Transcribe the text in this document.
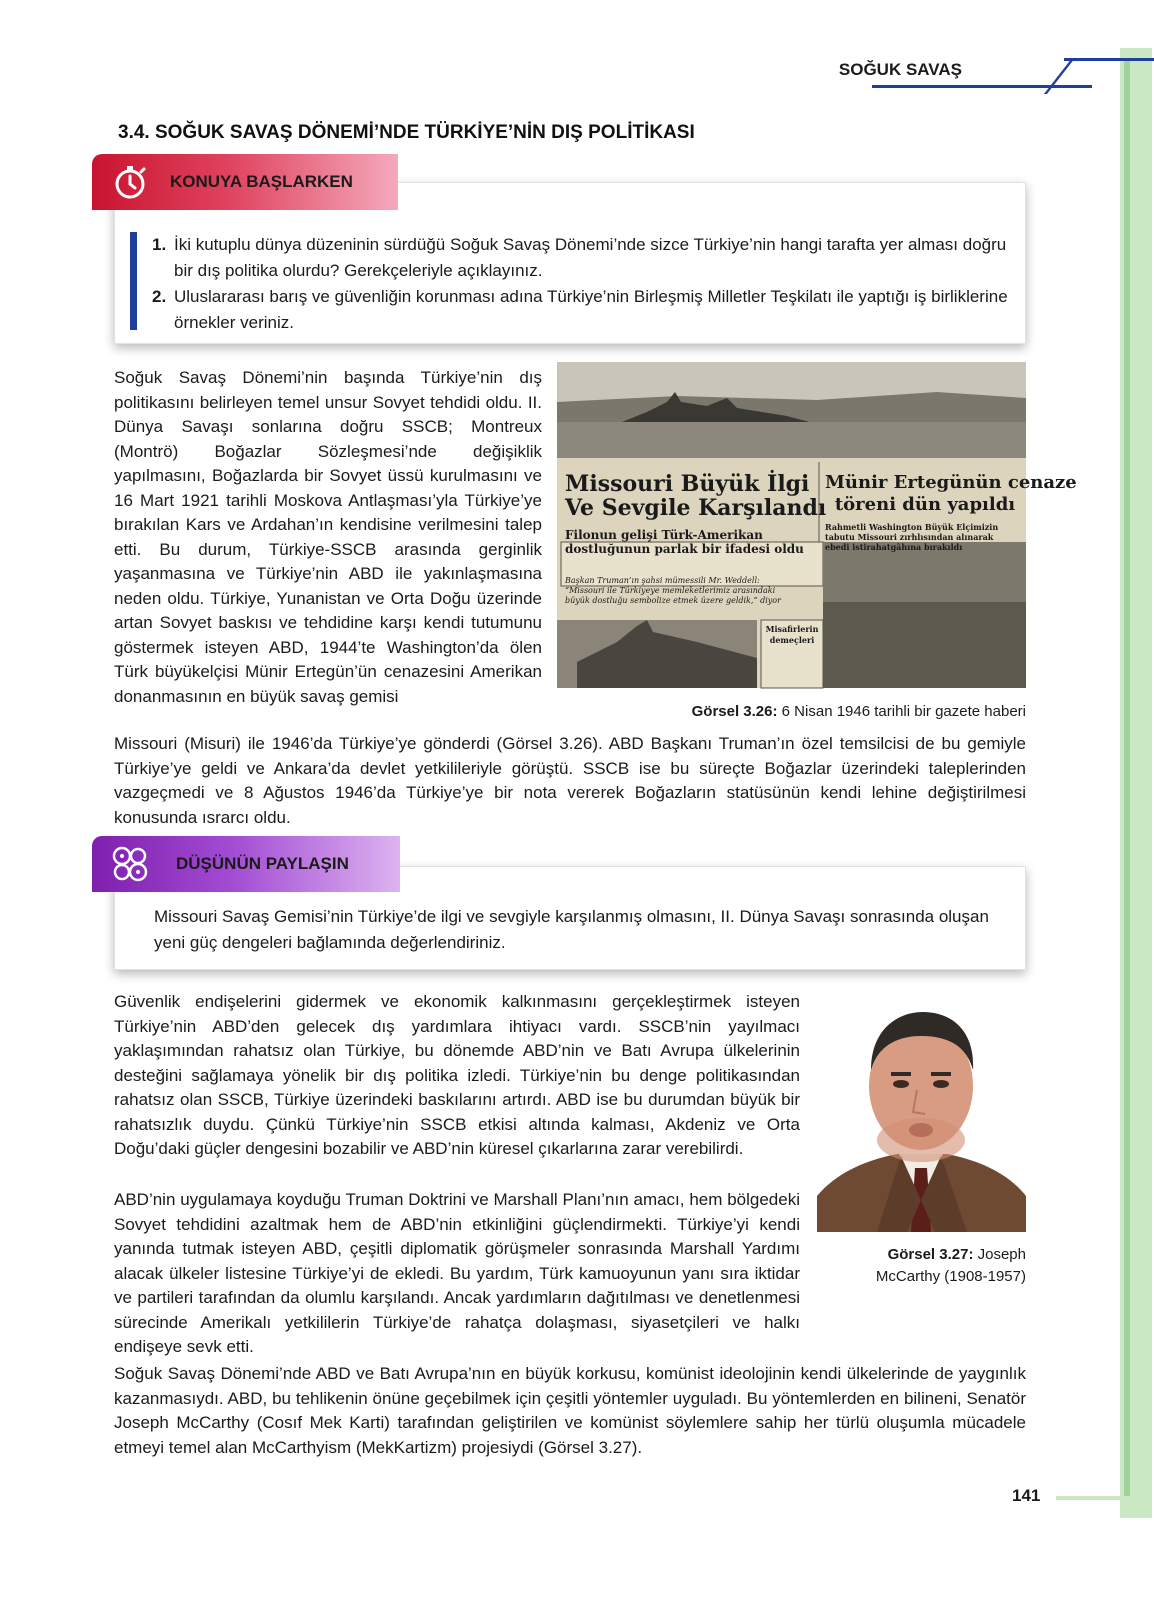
SOĞUK SAVAŞ
3.4. SOĞUK SAVAŞ DÖNEMİ’NDE TÜRKİYE’NİN DIŞ POLİTİKASI
KONUYA BAŞLARKEN
1. İki kutuplu dünya düzeninin sürdüğü Soğuk Savaş Dönemi’nde sizce Türkiye’nin hangi tarafta yer alması doğru bir dış politika olurdu? Gerekçeleriyle açıklayınız.
2. Uluslararası barış ve güvenliğin korunması adına Türkiye’nin Birleşmiş Milletler Teşkilatı ile yaptığı iş birliklerine örnekler veriniz.
Soğuk Savaş Dönemi’nin başında Türkiye’nin dış politikasını belirleyen temel unsur Sovyet tehdidi oldu. II. Dünya Savaşı sonlarına doğru SSCB; Montreux (Montrö) Boğazlar Sözleşmesi’nde değişiklik yapılmasını, Boğazlarda bir Sovyet üssü kurulmasını ve 16 Mart 1921 tarihli Moskova Antlaşması’yla Türkiye’ye bırakılan Kars ve Ardahan’ın kendisine verilmesini talep etti. Bu durum, Türkiye-SSCB arasında gerginlik yaşanmasına ve Türkiye’nin ABD ile yakınlaşmasına neden oldu. Türkiye, Yunanistan ve Orta Doğu üzerinde artan Sovyet baskısı ve tehdidine karşı kendi tutumunu göstermek isteyen ABD, 1944’te Washington’da ölen Türk büyükelçisi Münir Ertegün’ün cenazesini Amerikan donanmasının en büyük savaş gemisi
Missouri Büyük İlgi
Ve Sevgile Karşılandı
Filonun gelişi Türk-Amerikan
dostluğunun parlak bir ifadesi oldu
Başkan Truman’ın şahsi mümessili Mr. Weddell:
“Missouri ile Türkiyeye memleketlerimiz arasındaki
büyük dostluğu sembolize etmek üzere geldik,” diyor
Münir Ertegünün cenaze
töreni dün yapıldı
Rahmetli Washington Büyük Elçimizin
tabutu Missouri zırhlısından alınarak
ebedi istirahatgâhına bırakıldı
Misafirlerin
demeçleri
Görsel 3.26: 6 Nisan 1946 tarihli bir gazete haberi
Missouri (Misuri) ile 1946’da Türkiye’ye gönderdi (Görsel 3.26). ABD Başkanı Truman’ın özel temsilcisi de bu gemiyle Türkiye’ye geldi ve Ankara’da devlet yetkilileriyle görüştü. SSCB ise bu süreçte Boğazlar üzerindeki taleplerinden vazgeçmedi ve 8 Ağustos 1946’da Türkiye’ye bir nota vererek Boğazların statüsünün kendi lehine değiştirilmesi konusunda ısrarcı oldu.
DÜŞÜNÜN PAYLAŞIN
Missouri Savaş Gemisi’nin Türkiye’de ilgi ve sevgiyle karşılanmış olmasını, II. Dünya Savaşı sonrasında oluşan yeni güç dengeleri bağlamında değerlendiriniz.
Güvenlik endişelerini gidermek ve ekonomik kalkınmasını gerçekleştirmek isteyen Türkiye’nin ABD’den gelecek dış yardımlara ihtiyacı vardı. SSCB’nin yayılmacı yaklaşımından rahatsız olan Türkiye, bu dönemde ABD’nin ve Batı Avrupa ülkelerinin desteğini sağlamaya yönelik bir dış politika izledi. Türkiye’nin bu denge politikasından rahatsız olan SSCB, Türkiye üzerindeki baskılarını artırdı. ABD ise bu durumdan büyük bir rahatsızlık duydu. Çünkü Türkiye’nin SSCB etkisi altında kalması, Akdeniz ve Orta Doğu’daki güçler dengesini bozabilir ve ABD’nin küresel çıkarlarına zarar verebilirdi.
ABD’nin uygulamaya koyduğu Truman Doktrini ve Marshall Planı’nın amacı, hem bölgedeki Sovyet tehdidini azaltmak hem de ABD’nin etkinliğini güçlendirmekti. Türkiye’yi kendi yanında tutmak isteyen ABD, çeşitli diplomatik görüşmeler sonrasında Marshall Yardımı alacak ülkeler listesine Türkiye’yi de ekledi. Bu yardım, Türk kamuoyunun yanı sıra iktidar ve partileri tarafından da olumlu karşılandı. Ancak yardımların dağıtılması ve denetlenmesi sürecinde Amerikalı yetkililerin Türkiye’de rahatça dolaşması, siyasetçileri ve halkı endişeye sevk etti.
Görsel 3.27: Joseph
McCarthy (1908-1957)
Soğuk Savaş Dönemi’nde ABD ve Batı Avrupa’nın en büyük korkusu, komünist ideolojinin kendi ülkelerinde de yaygınlık kazanmasıydı. ABD, bu tehlikenin önüne geçebilmek için çeşitli yöntemler uyguladı. Bu yöntemlerden en bilineni, Senatör Joseph McCarthy (Cosıf Mek Karti) tarafından geliştirilen ve komünist söylemlere sahip her türlü oluşumla mücadele etmeyi temel alan McCarthyism (MekKartizm) projesiydi (Görsel 3.27).
141
